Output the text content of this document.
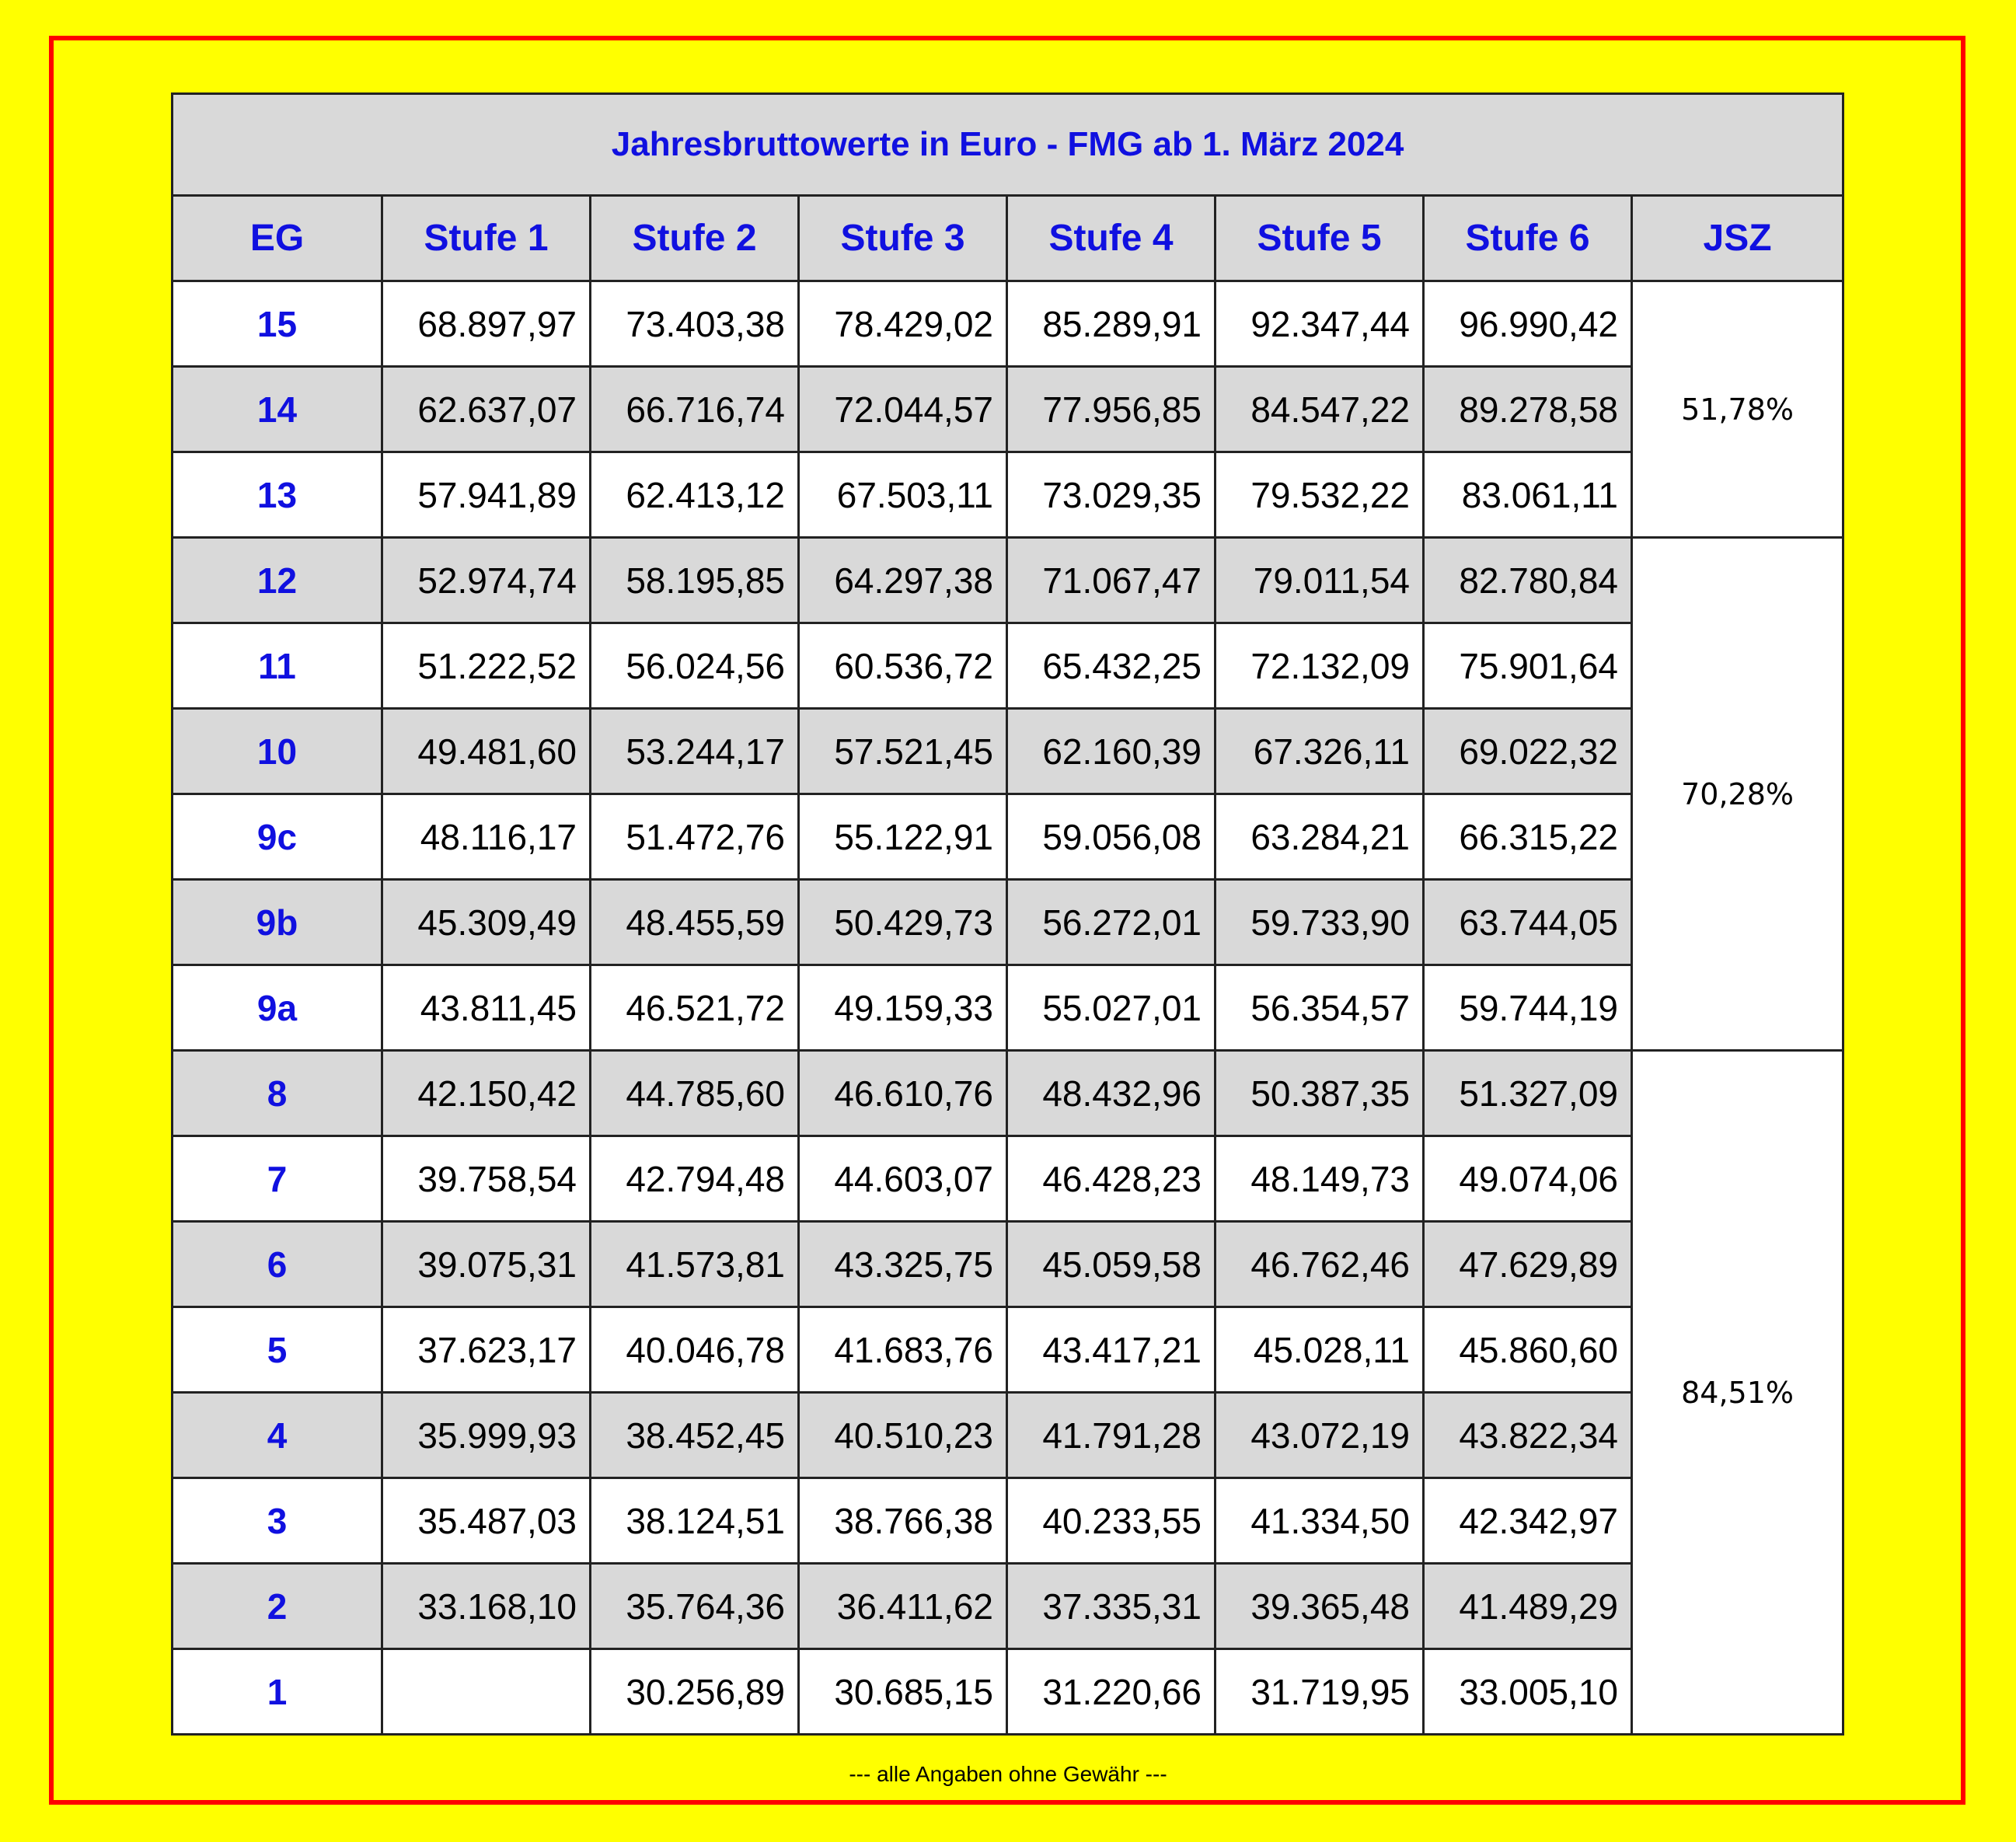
Jahresbruttowerte in Euro - FMG ab 1. März 2024							
EG	Stufe 1	Stufe 2	Stufe 3	Stufe 4	Stufe 5	Stufe 6	JSZ
15	68.897,97	73.403,38	78.429,02	85.289,91	92.347,44	96.990,42	51,78%
14	62.637,07	66.716,74	72.044,57	77.956,85	84.547,22	89.278,58	
13	57.941,89	62.413,12	67.503,11	73.029,35	79.532,22	83.061,11	
12	52.974,74	58.195,85	64.297,38	71.067,47	79.011,54	82.780,84	70,28%
11	51.222,52	56.024,56	60.536,72	65.432,25	72.132,09	75.901,64	
10	49.481,60	53.244,17	57.521,45	62.160,39	67.326,11	69.022,32	
9c	48.116,17	51.472,76	55.122,91	59.056,08	63.284,21	66.315,22	
9b	45.309,49	48.455,59	50.429,73	56.272,01	59.733,90	63.744,05	
9a	43.811,45	46.521,72	49.159,33	55.027,01	56.354,57	59.744,19	
8	42.150,42	44.785,60	46.610,76	48.432,96	50.387,35	51.327,09	84,51%
7	39.758,54	42.794,48	44.603,07	46.428,23	48.149,73	49.074,06	
6	39.075,31	41.573,81	43.325,75	45.059,58	46.762,46	47.629,89	
5	37.623,17	40.046,78	41.683,76	43.417,21	45.028,11	45.860,60	
4	35.999,93	38.452,45	40.510,23	41.791,28	43.072,19	43.822,34	
3	35.487,03	38.124,51	38.766,38	40.233,55	41.334,50	42.342,97	
2	33.168,10	35.764,36	36.411,62	37.335,31	39.365,48	41.489,29	
1		30.256,89	30.685,15	31.220,66	31.719,95	33.005,10	
--- alle Angaben ohne Gewähr ---
